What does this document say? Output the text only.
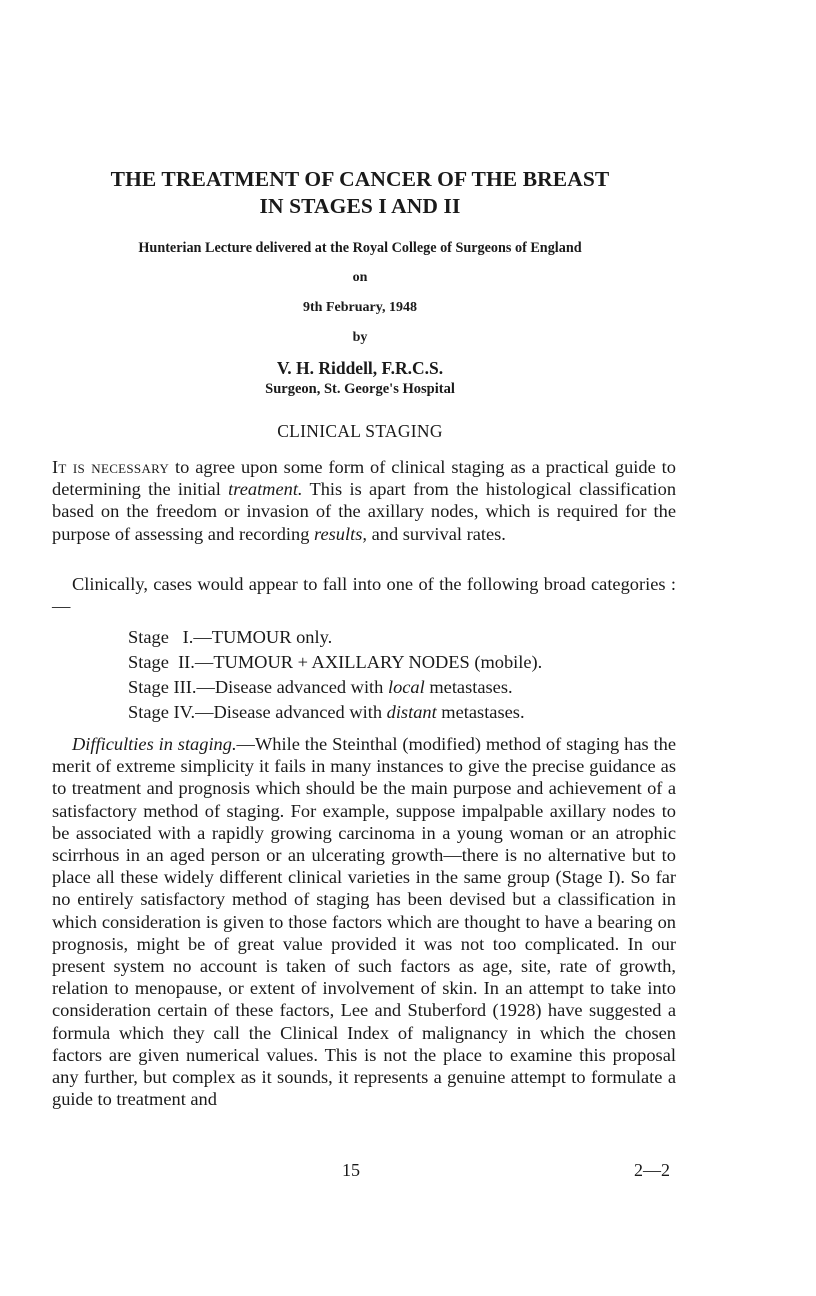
THE TREATMENT OF CANCER OF THE BREAST
IN STAGES I AND II
Hunterian Lecture delivered at the Royal College of Surgeons of England
on
9th February, 1948
by
V. H. Riddell, F.R.C.S.
Surgeon, St. George's Hospital
CLINICAL STAGING

It is necessary to agree upon some form of clinical staging as a practical guide to determining the initial treatment. This is apart from the histological classification based on the freedom or invasion of the axillary nodes, which is required for the purpose of assessing and recording results, and survival rates.

Clinically, cases would appear to fall into one of the following broad categories :—

Stage I.—TUMOUR only.
Stage II.—TUMOUR + AXILLARY NODES (mobile).
Stage III.—Disease advanced with local metastases.
Stage IV.—Disease advanced with distant metastases.

Difficulties in staging.—While the Steinthal (modified) method of staging has the merit of extreme simplicity it fails in many instances to give the precise guidance as to treatment and prognosis which should be the main purpose and achievement of a satisfactory method of staging. For example, suppose impalpable axillary nodes to be associated with a rapidly growing carcinoma in a young woman or an atrophic scirrhous in an aged person or an ulcerating growth—there is no alternative but to place all these widely different clinical varieties in the same group (Stage I). So far no entirely satisfactory method of staging has been devised but a classification in which consideration is given to those factors which are thought to have a bearing on prognosis, might be of great value provided it was not too complicated. In our present system no account is taken of such factors as age, site, rate of growth, relation to menopause, or extent of involvement of skin. In an attempt to take into consideration certain of these factors, Lee and Stuberford (1928) have suggested a formula which they call the Clinical Index of malignancy in which the chosen factors are given numerical values. This is not the place to examine this proposal any further, but complex as it sounds, it represents a genuine attempt to formulate a guide to treatment and

15	2—2
